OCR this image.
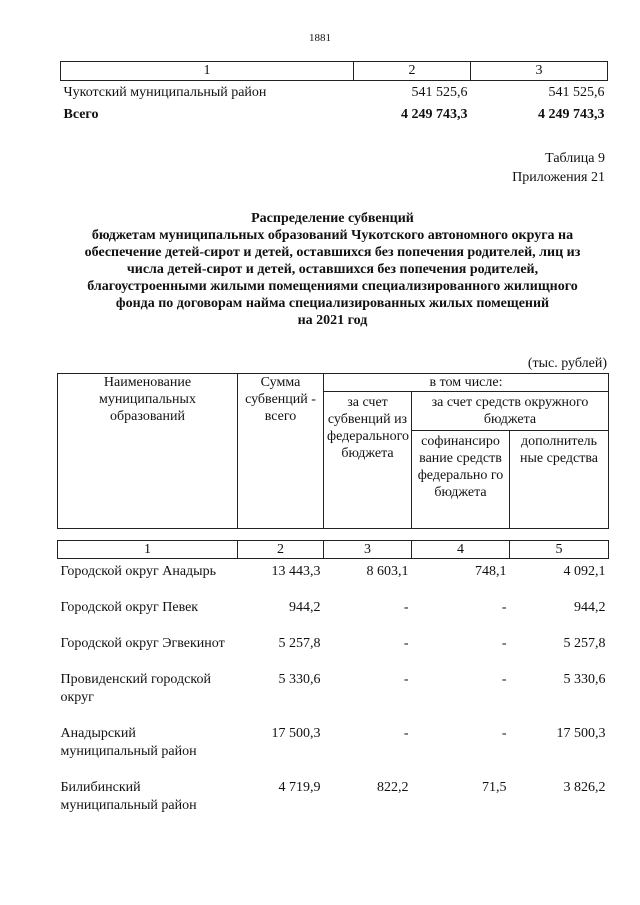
1881
1	2	3
Чукотский муниципальный район	541 525,6	541 525,6
Всего	4 249 743,3	4 249 743,3
Таблица 9
Приложения 21
Распределение субвенций
бюджетам муниципальных образований Чукотского автономного округа на
обеспечение детей-сирот и детей, оставшихся без попечения родителей, лиц из
числа детей-сирот и детей, оставшихся без попечения родителей,
благоустроенными жилыми помещениями специализированного жилищного
фонда по договорам найма специализированных жилых помещений
на 2021 год
(тыс. рублей)
Наименование муниципальных образований	Сумма субвенций - всего	в том числе:		
		за счет субвенций из федерального бюджета	за счет средств окружного бюджета	
			софинансиро вание средств федерально го бюджета	дополнитель ные средства
1	2	3	4	5
Городской округ Анадырь	13 443,3	8 603,1	748,1	4 092,1
Городской округ Певек	944,2	-	-	944,2
Городской округ Эгвекинот	5 257,8	-	-	5 257,8
Провиденский городской округ	5 330,6	-	-	5 330,6
Анадырский муниципальный район	17 500,3	-	-	17 500,3
Билибинский муниципальный район	4 719,9	822,2	71,5	3 826,2
